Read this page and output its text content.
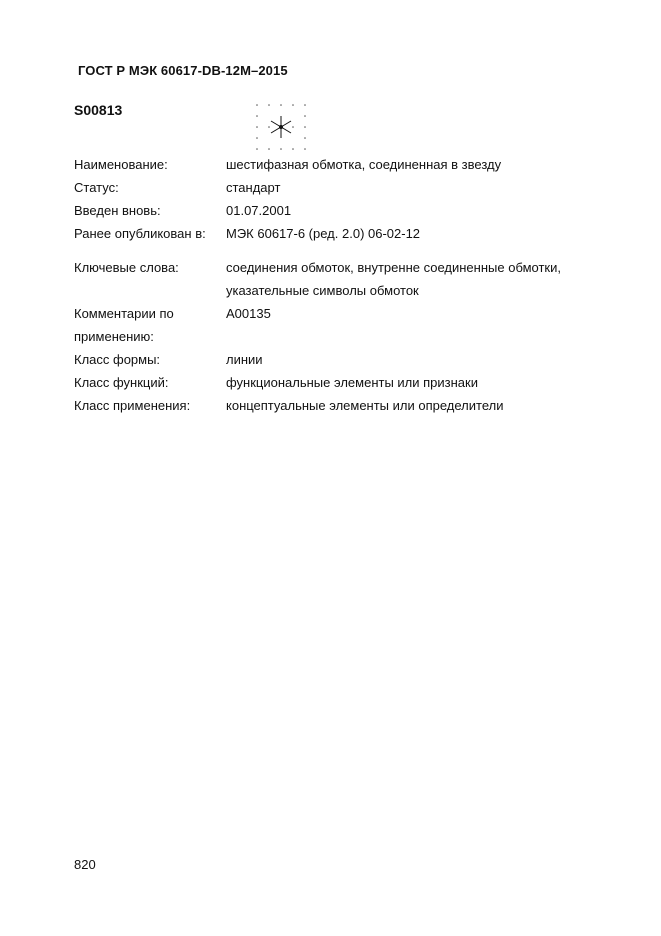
ГОСТ Р МЭК 60617-DB-12M–2015
S00813
Наименование:	шестифазная обмотка, соединенная в звезду
Статус:	стандарт
Введен вновь:	01.07.2001
Ранее опубликован в:	МЭК 60617-6 (ред. 2.0) 06-02-12
Ключевые слова:	соединения обмоток, внутренне соединенные обмотки,
указательные символы обмоток
Комментарии по
применению:
A00135
Класс формы:	линии
Класс функций:	функциональные элементы или признаки
Класс применения:	концептуальные элементы или определители
820
